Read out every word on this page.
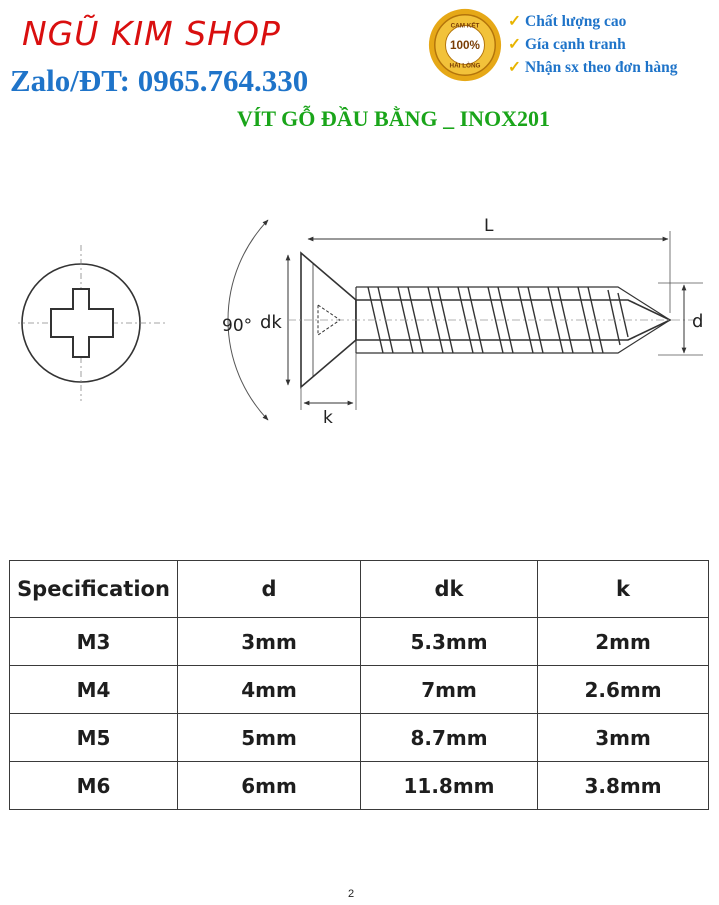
NGŨ KIM SHOP
Zalo/ĐT: 0965.764.330
VÍT GỖ ĐẦU BẰNG _ INOX201
CAM KẾT
100%
HÀI LÒNG
✓ Chất lượng cao
✓ Gía cạnh tranh
✓ Nhận sx theo đơn hàng
90° dk
L
d
k
Specification	d	dk	k
M3	3mm	5.3mm	2mm
M4	4mm	7mm	2.6mm
M5	5mm	8.7mm	3mm
M6	6mm	11.8mm	3.8mm
2
